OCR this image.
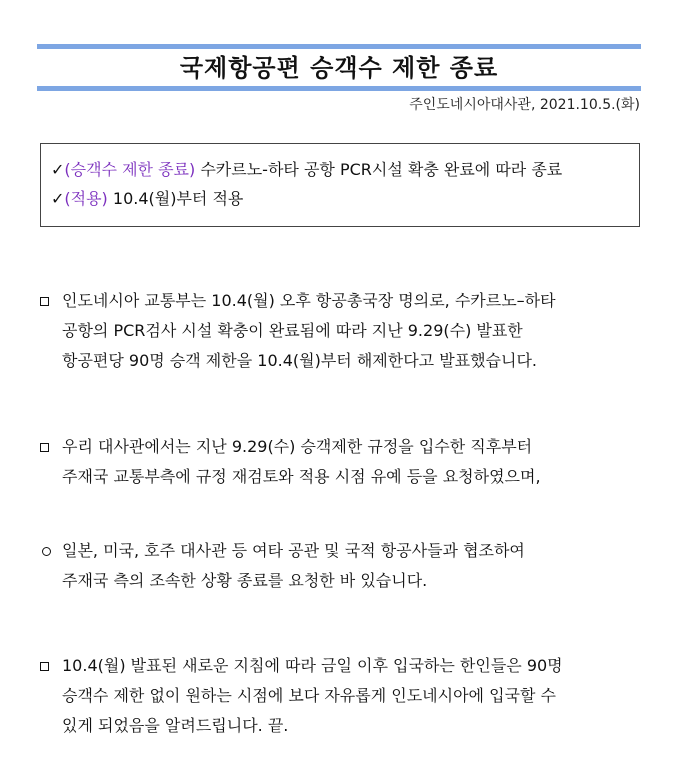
국제항공편 승객수 제한 종료
주인도네시아대사관, 2021.10.5.(화)
✓(승객수 제한 종료) 수카르노-하타 공항 PCR시설 확충 완료에 따라 종료
✓(적용) 10.4(월)부터 적용
인도네시아 교통부는 10.4(월) 오후 항공총국장 명의로, 수카르노–하타
공항의 PCR검사 시설 확충이 완료됨에 따라 지난 9.29(수) 발표한
항공편당 90명 승객 제한을 10.4(월)부터 해제한다고 발표했습니다.
우리 대사관에서는 지난 9.29(수) 승객제한 규정을 입수한 직후부터
주재국 교통부측에 규정 재검토와 적용 시점 유예 등을 요청하였으며,
일본, 미국, 호주 대사관 등 여타 공관 및 국적 항공사들과 협조하여
주재국 측의 조속한 상황 종료를 요청한 바 있습니다.
10.4(월) 발표된 새로운 지침에 따라 금일 이후 입국하는 한인들은 90명
승객수 제한 없이 원하는 시점에 보다 자유롭게 인도네시아에 입국할 수
있게 되었음을 알려드립니다. 끝.
